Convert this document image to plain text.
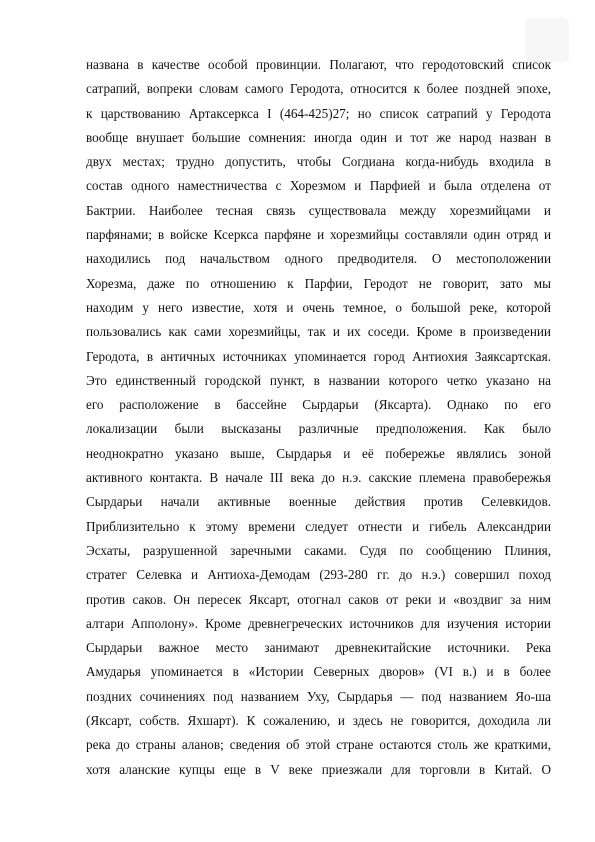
названа в качестве особой провинции. Полагают, что геродотовский список
сатрапий, вопреки словам самого Геродота, относится к более поздней эпохе,
к царствованию Артаксеркса I (464-425)27; но список сатрапий у Геродота
вообще внушает большие сомнения: иногда один и тот же народ назван в
двух местах; трудно допустить, чтобы Согдиана когда-нибудь входила в
состав одного наместничества с Хорезмом и Парфией и была отделена от
Бактрии. Наиболее тесная связь существовала между хорезмийцами и
парфянами; в войске Ксеркса парфяне и хорезмийцы составляли один отряд и
находились под начальством одного предводителя. О местоположении
Хорезма, даже по отношению к Парфии, Геродот не говорит, зато мы
находим у него известие, хотя и очень темное, о большой реке, которой
пользовались как сами хорезмийцы, так и их соседи. Кроме в произведении
Геродота, в античных источниках упоминается город Антиохия Заяксартская.
Это единственный городской пункт, в названии которого четко указано на
его расположение в бассейне Сырдарьи (Яксарта). Однако по его
локализации были высказаны различные предположения. Как было
неоднократно указано выше, Сырдарья и её побережье являлись зоной
активного контакта. В начале III века до н.э. сакские племена правобережья
Сырдарьи начали активные военные действия против Селевкидов.
Приблизительно к этому времени следует отнести и гибель Александрии
Эсхаты, разрушенной заречными саками. Судя по сообщению Плиния,
стратег Селевка и Антиоха-Демодам (293-280 гг. до н.э.) совершил поход
против саков. Он пересек Яксарт, отогнал саков от реки и «воздвиг за ним
алтари Апполону». Кроме древнегреческих источников для изучения истории
Сырдарьи важное место занимают древнекитайские источники. Река
Амударья упоминается в «Истории Северных дворов» (VI в.) и в более
поздних сочинениях под названием Уху, Сырдарья — под названием Яо-ша
(Яксарт, собств. Яхшарт). К сожалению, и здесь не говорится, доходила ли
река до страны аланов; сведения об этой стране остаются столь же краткими,
хотя аланские купцы еще в V веке приезжали для торговли в Китай. О
